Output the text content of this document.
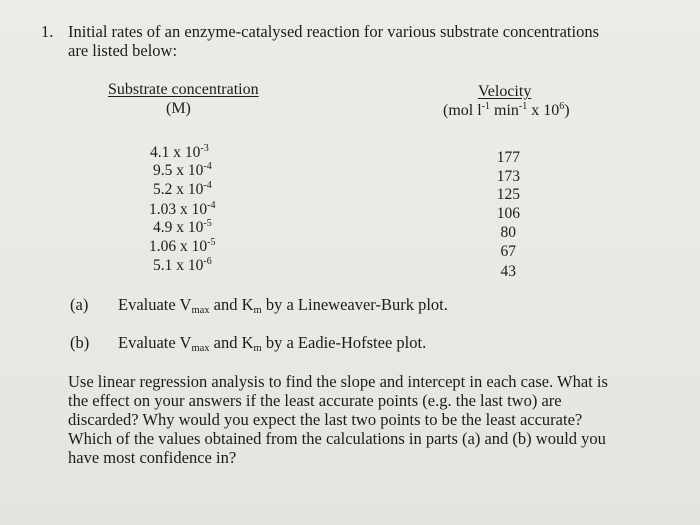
1. Initial rates of an enzyme-catalysed reaction for various substrate concentrations
are listed below:
Substrate concentration
(M)
Velocity
(mol $l^{-1}$ $\min^{-1} x$ $10^6$)
4.1 x $10^{-3}$
9.5 x $10^{-4}$
5.2 x $10^{-4}$
1.03 x $10^{-4}$
4.9 x $10^{-5}$
1.06 x $10^{-5}$
5.1 x $10^{-6}$
177
173
125
106
80
67
43
(a) Evaluate $V_{max}$ and $K_m$ by a Lineweaver-Burk plot.
(b) Evaluate $V_{max}$ and $K_m$ by a Eadie-Hofstee plot.
Use linear regression analysis to find the slope and intercept in each case. What is
the effect on your answers if the least accurate points (e.g. the last two) are
discarded? Why would you expect the last two points to be the least accurate?
Which of the values obtained from the calculations in parts (a) and (b) would you
have most confidence in?
